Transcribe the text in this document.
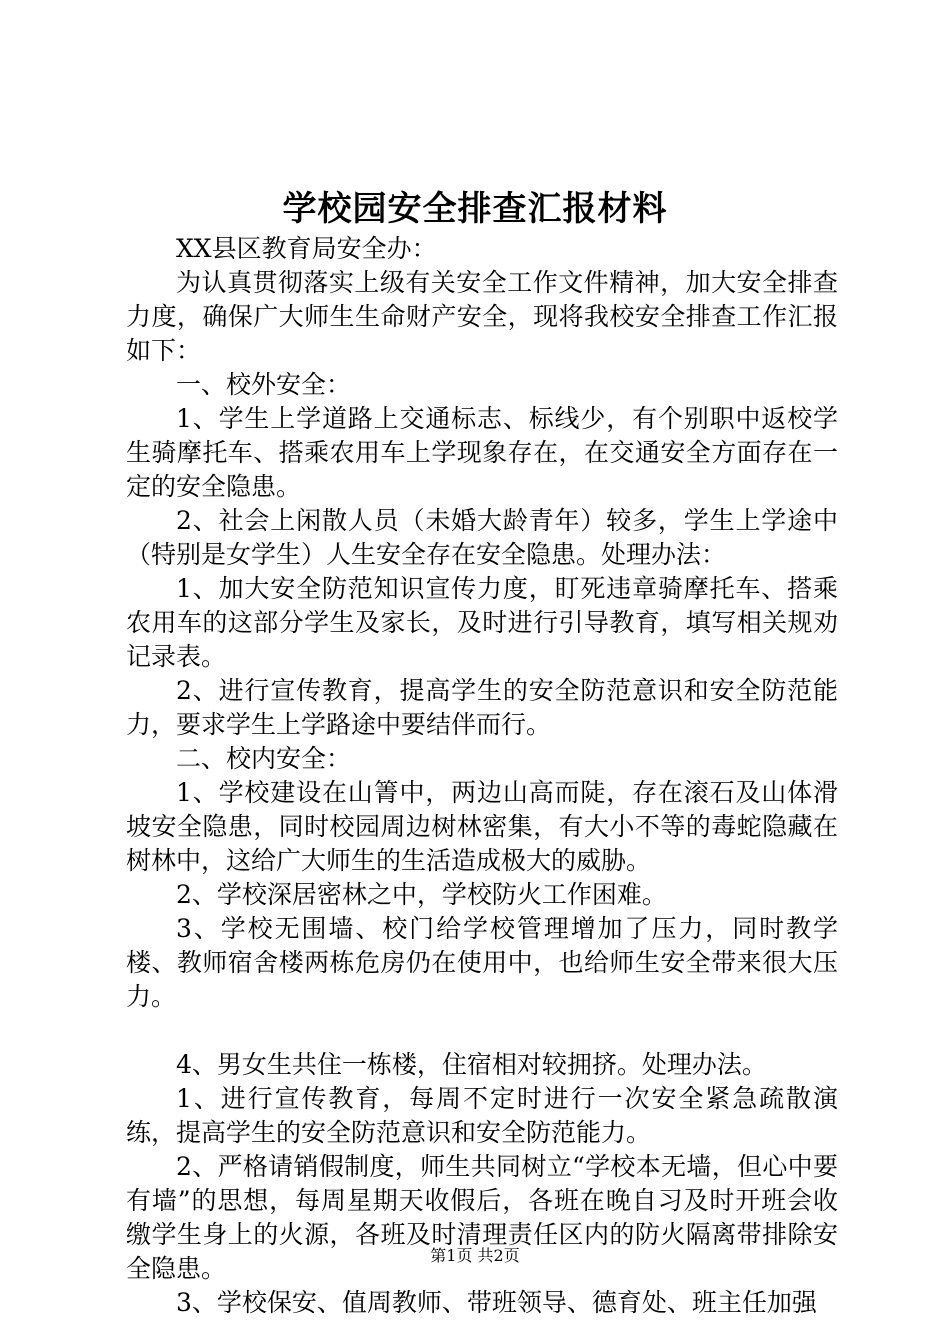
学校园安全排查汇报材料

XX县区教育局安全办：

为认真贯彻落实上级有关安全工作文件精神，加大安全排查力度，确保广大师生生命财产安全，现将我校安全排查工作汇报如下：

一、校外安全：

1、学生上学道路上交通标志、标线少，有个别职中返校学生骑摩托车、搭乘农用车上学现象存在，在交通安全方面存在一定的安全隐患。

2、社会上闲散人员（未婚大龄青年）较多，学生上学途中（特别是女学生）人生安全存在安全隐患。处理办法：

1、加大安全防范知识宣传力度，盯死违章骑摩托车、搭乘农用车的这部分学生及家长，及时进行引导教育，填写相关规劝记录表。

2、进行宣传教育，提高学生的安全防范意识和安全防范能力，要求学生上学路途中要结伴而行。

二、校内安全：

1、学校建设在山箐中，两边山高而陡，存在滚石及山体滑坡安全隐患，同时校园周边树林密集，有大小不等的毒蛇隐藏在树林中，这给广大师生的生活造成极大的威胁。

2、学校深居密林之中，学校防火工作困难。

3、学校无围墙、校门给学校管理增加了压力，同时教学楼、教师宿舍楼两栋危房仍在使用中，也给师生安全带来很大压力。

4、男女生共住一栋楼，住宿相对较拥挤。处理办法。

1、进行宣传教育，每周不定时进行一次安全紧急疏散演练，提高学生的安全防范意识和安全防范能力。

2、严格请销假制度，师生共同树立“学校本无墙，但心中要有墙”的思想，每周星期天收假后，各班在晚自习及时开班会收缴学生身上的火源，各班及时清理责任区内的防火隔离带排除安全隐患。

3、学校保安、值周教师、带班领导、德育处、班主任加强

第1页 共2页
